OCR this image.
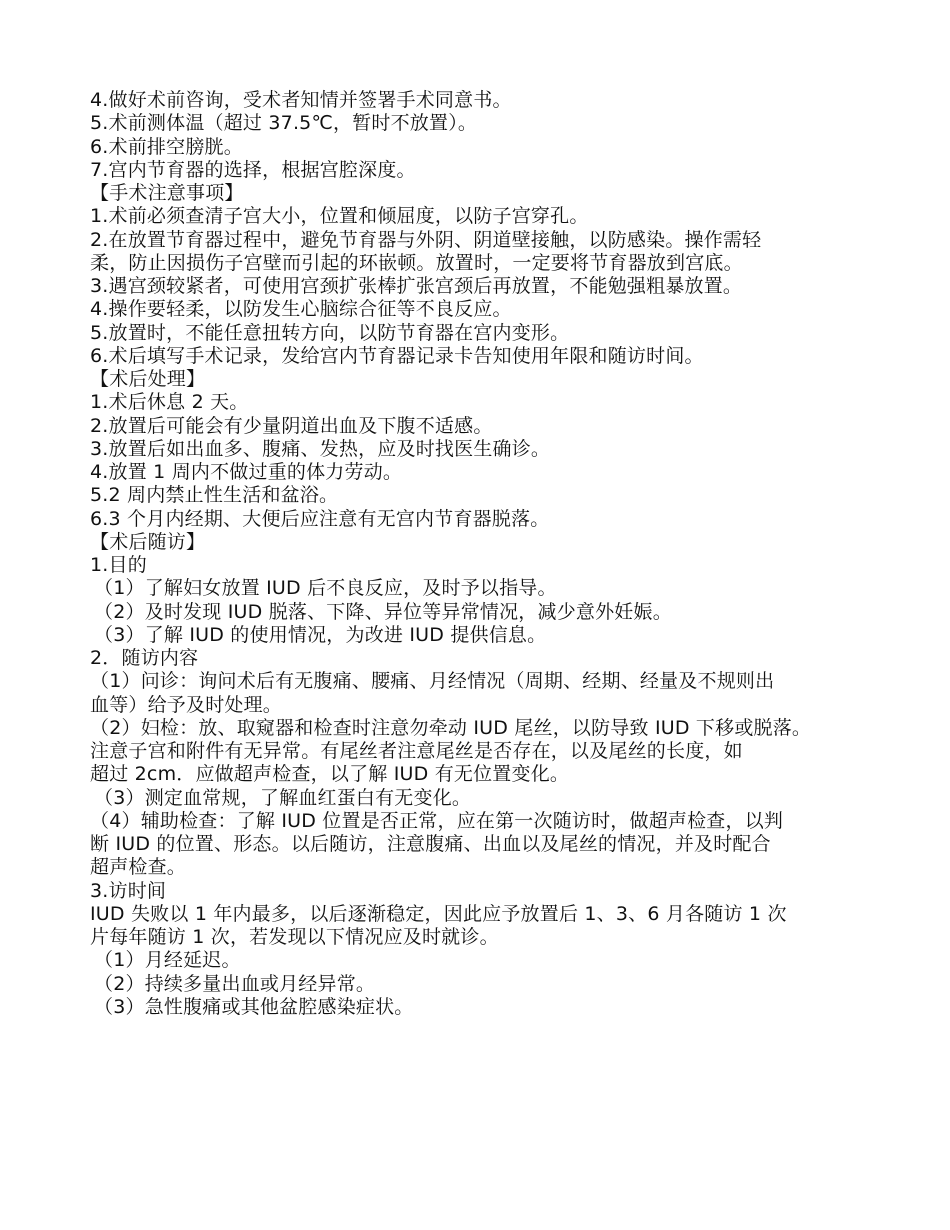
4.做好术前咨询，受术者知情并签署手术同意书。
5.术前测体温（超过 37.5℃，暂时不放置）。
6.术前排空膀胱。
7.宫内节育器的选择，根据宫腔深度。
【手术注意事项】
1.术前必须查清子宫大小，位置和倾屈度，以防子宫穿孔。
2.在放置节育器过程中，避免节育器与外阴、阴道壁接触，以防感染。操作需轻
柔，防止因损伤子宫壁而引起的环嵌顿。放置时，一定要将节育器放到宫底。
3.遇宫颈较紧者，可使用宫颈扩张棒扩张宫颈后再放置，不能勉强粗暴放置。
4.操作要轻柔，以防发生心脑综合征等不良反应。
5.放置时，不能任意扭转方向，以防节育器在宫内变形。
6.术后填写手术记录，发给宫内节育器记录卡告知使用年限和随访时间。
【术后处理】
1.术后休息 2 天。
2.放置后可能会有少量阴道出血及下腹不适感。
3.放置后如出血多、腹痛、发热，应及时找医生确诊。
4.放置 1 周内不做过重的体力劳动。
5.2 周内禁止性生活和盆浴。
6.3 个月内经期、大便后应注意有无宫内节育器脱落。
【术后随访】
1.目的
（1）了解妇女放置 IUD 后不良反应，及时予以指导。
（2）及时发现 IUD 脱落、下降、异位等异常情况，减少意外妊娠。
（3）了解 IUD 的使用情况，为改进 IUD 提供信息。
2．随访内容
（1）问诊：询问术后有无腹痛、腰痛、月经情况（周期、经期、经量及不规则出
血等）给予及时处理。
（2）妇检：放、取窥器和检查时注意勿牵动 IUD 尾丝，以防导致 IUD 下移或脱落。
注意子宫和附件有无异常。有尾丝者注意尾丝是否存在，以及尾丝的长度，如
超过 2cm．应做超声检查，以了解 IUD 有无位置变化。
（3）测定血常规，了解血红蛋白有无变化。
（4）辅助检查：了解 IUD 位置是否正常，应在第一次随访时，做超声检查，以判
断 IUD 的位置、形态。以后随访，注意腹痛、出血以及尾丝的情况，并及时配合
超声检查。
3.访时间
IUD 失败以 1 年内最多，以后逐渐稳定，因此应予放置后 1、3、6 月各随访 1 次
片每年随访 1 次，若发现以下情况应及时就诊。
（1）月经延迟。
（2）持续多量出血或月经异常。
（3）急性腹痛或其他盆腔感染症状。
